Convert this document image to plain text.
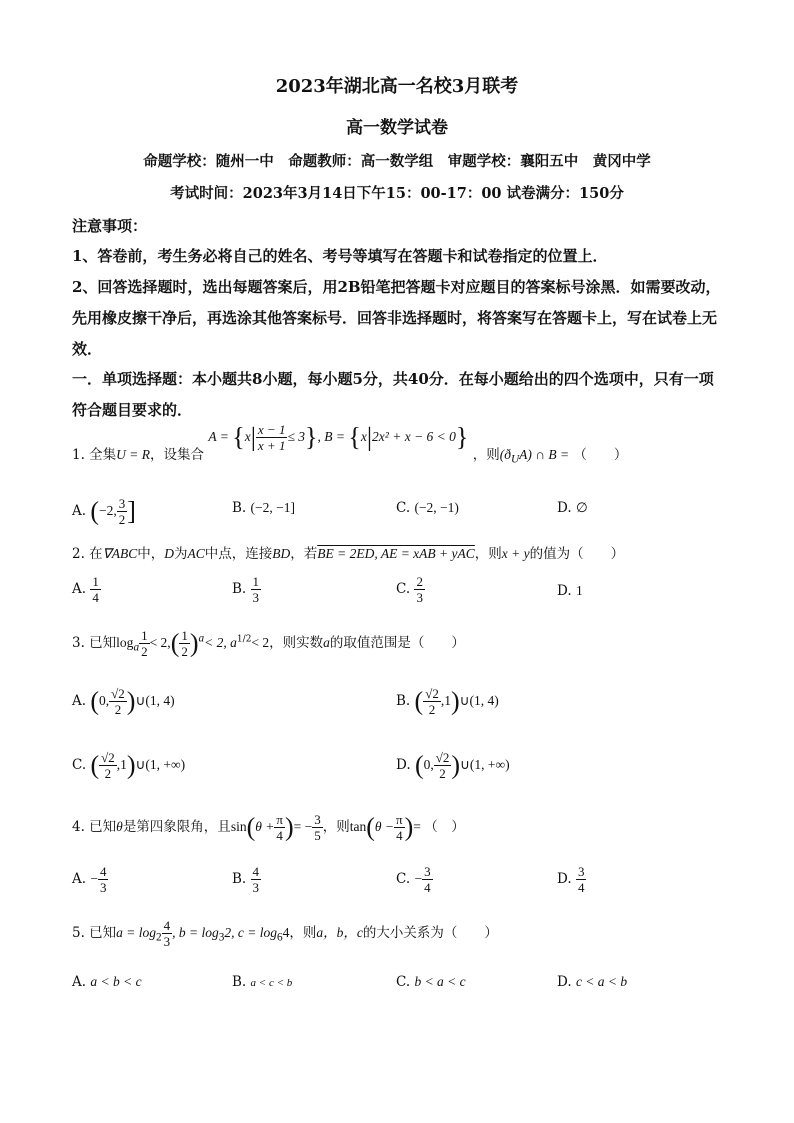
2023年湖北高一名校3月联考
高一数学试卷
命题学校：随州一中　命题教师：高一数学组　审题学校：襄阳五中　黄冈中学
考试时间：2023年3月14日下午15：00-17：00 试卷满分：150分
注意事项：

1、答卷前，考生务必将自己的姓名、考号等填写在答题卡和试卷指定的位置上．

2、回答选择题时，选出每题答案后，用2B铅笔把答题卡对应题目的答案标号涂黑．如需要改动，先用橡皮擦干净后，再选涂其他答案标号．回答非选择题时，将答案写在答题卡上，写在试卷上无效．

一．单项选择题：本小题共8小题，每小题5分，共40分．在每小题给出的四个选项中，只有一项符合题目要求的．

1. 全集U = R，设集合 $A = \{x| \frac{x - 1}{x + 1} \le 3\}$, B = {x|2x² + x − 6 < 0} ，则$(ð_UA)$ ∩ B = （　　）
A. (−2, $\frac{3}{2}$ ]	B. (−2, −1]	C. (−2, −1)	D. ∅
2. 在∇ABC中，D为AC中点，连接BD，若BE = 2ED, AE = xAB + yAC，则x + y的值为（　　）
A. $\frac{1}{4}$	B. $\frac{1}{3}$	C. $\frac{2}{3}$	D. 1
3. 已知$\log_a \frac{1}{2} < 2,( \frac{1}{2} )^a< 2$, $a^{1/2}< 2$，则实数a的取值范围是（　　）
A. (0, $\frac{√2}{2}$ )∪(1, 4)	B. ( $\frac{√2}{2}$ ,1)∪(1, 4)
C. ( $\frac{√2}{2}$ ,1)∪(1, +∞)	D. (0, $\frac{√2}{2}$ )∪(1, +∞)
4. 已知θ是第四象限角，且$\sin(\theta + \frac{\pi}{4}$ )= − $\frac{3}{5}$ ，则$\tan(\theta - \frac{\pi}{4}$ )= （　）
A. − $\frac{4}{3}$	B. $\frac{4}{3}$	C. − $\frac{3}{4}$	D. $\frac{3}{4}$
5. 已知$a = \log_2 \frac{4}{3}$ , $b = \log_32$, $c = \log_64$，则a，b，c的大小关系为（　　）
A. a < b < c	B. a < c < b	C. b < a < c	D. c < a < b
